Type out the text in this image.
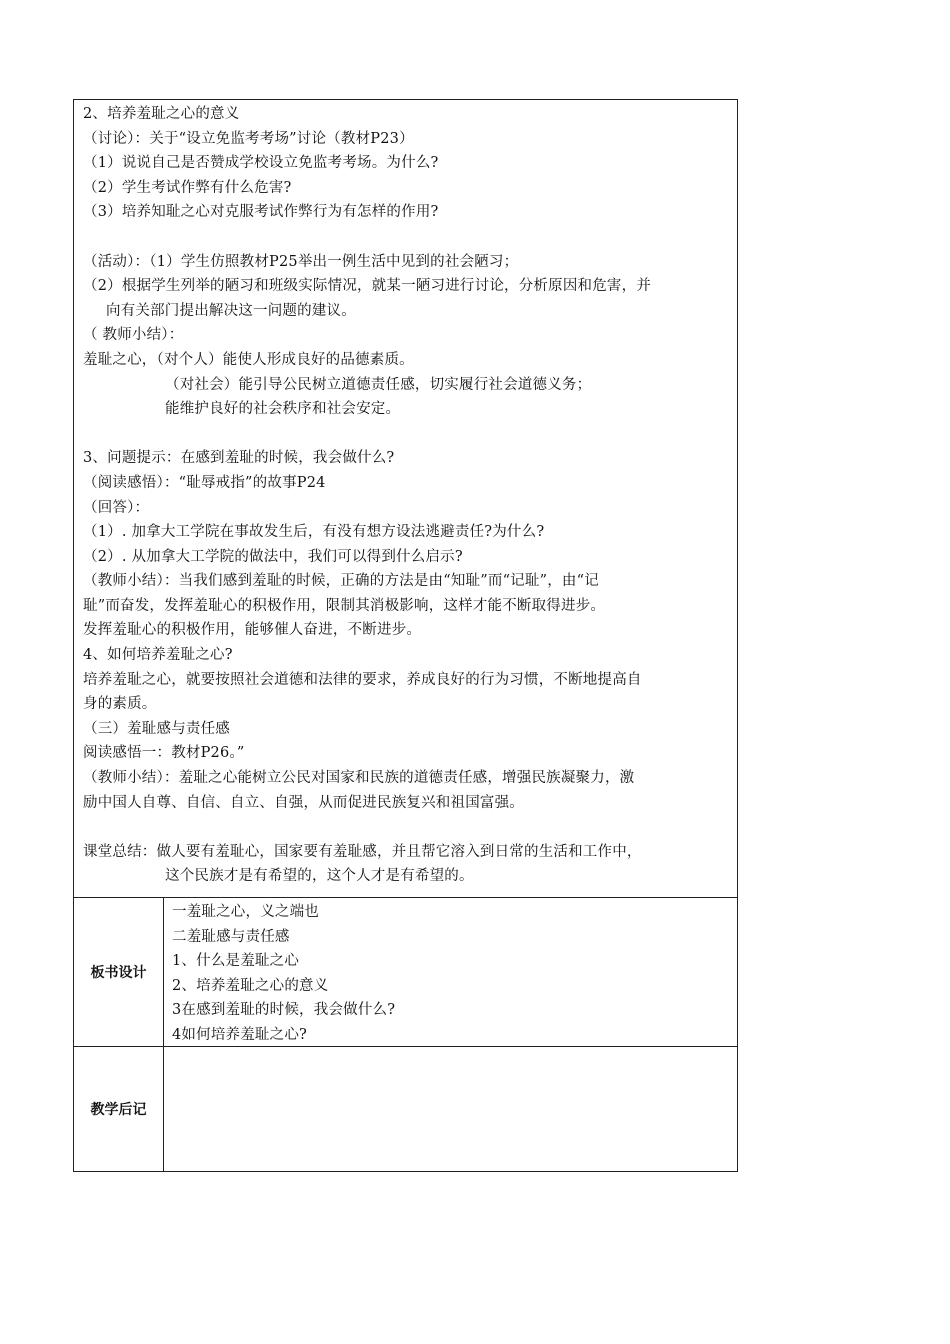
2、培养羞耻之心的意义
（讨论）：关于“设立免监考考场”讨论（教材P23）
（1）说说自己是否赞成学校设立免监考考场。为什么?
（2）学生考试作弊有什么危害?
（3）培养知耻之心对克服考试作弊行为有怎样的作用?
（活动）：（1）学生仿照教材P25举出一例生活中见到的社会陋习；
（2）根据学生列举的陋习和班级实际情况，就某一陋习进行讨论，分析原因和危害，并
向有关部门提出解决这一问题的建议。
（ 教师小结）：
羞耻之心，（对个人）能使人形成良好的品德素质。
（对社会）能引导公民树立道德责任感，切实履行社会道德义务；
能维护良好的社会秩序和社会安定。
3、问题提示：在感到羞耻的时候，我会做什么?
（阅读感悟）：“耻辱戒指”的故事P24
（回答）：
（1）. 加拿大工学院在事故发生后，有没有想方设法逃避责任?为什么?
（2）. 从加拿大工学院的做法中，我们可以得到什么启示?
（教师小结）：当我们感到羞耻的时候，正确的方法是由“知耻”而“记耻”，由“记
耻”而奋发，发挥羞耻心的积极作用，限制其消极影响，这样才能不断取得进步。
发挥羞耻心的积极作用，能够催人奋进，不断进步。
4、如何培养羞耻之心?
培养羞耻之心，就要按照社会道德和法律的要求，养成良好的行为习惯，不断地提高自
身的素质。
（三）羞耻感与责任感
阅读感悟一：教材P26。”
（教师小结）：羞耻之心能树立公民对国家和民族的道德责任感，增强民族凝聚力，激
励中国人自尊、自信、自立、自强，从而促进民族复兴和祖国富强。
课堂总结：做人要有羞耻心，国家要有羞耻感，并且帮它溶入到日常的生活和工作中，
这个民族才是有希望的，这个人才是有希望的。
板书设计
一羞耻之心，义之端也
二羞耻感与责任感
1、什么是羞耻之心
2、培养羞耻之心的意义
3在感到羞耻的时候，我会做什么?
4如何培养羞耻之心?
教学后记
